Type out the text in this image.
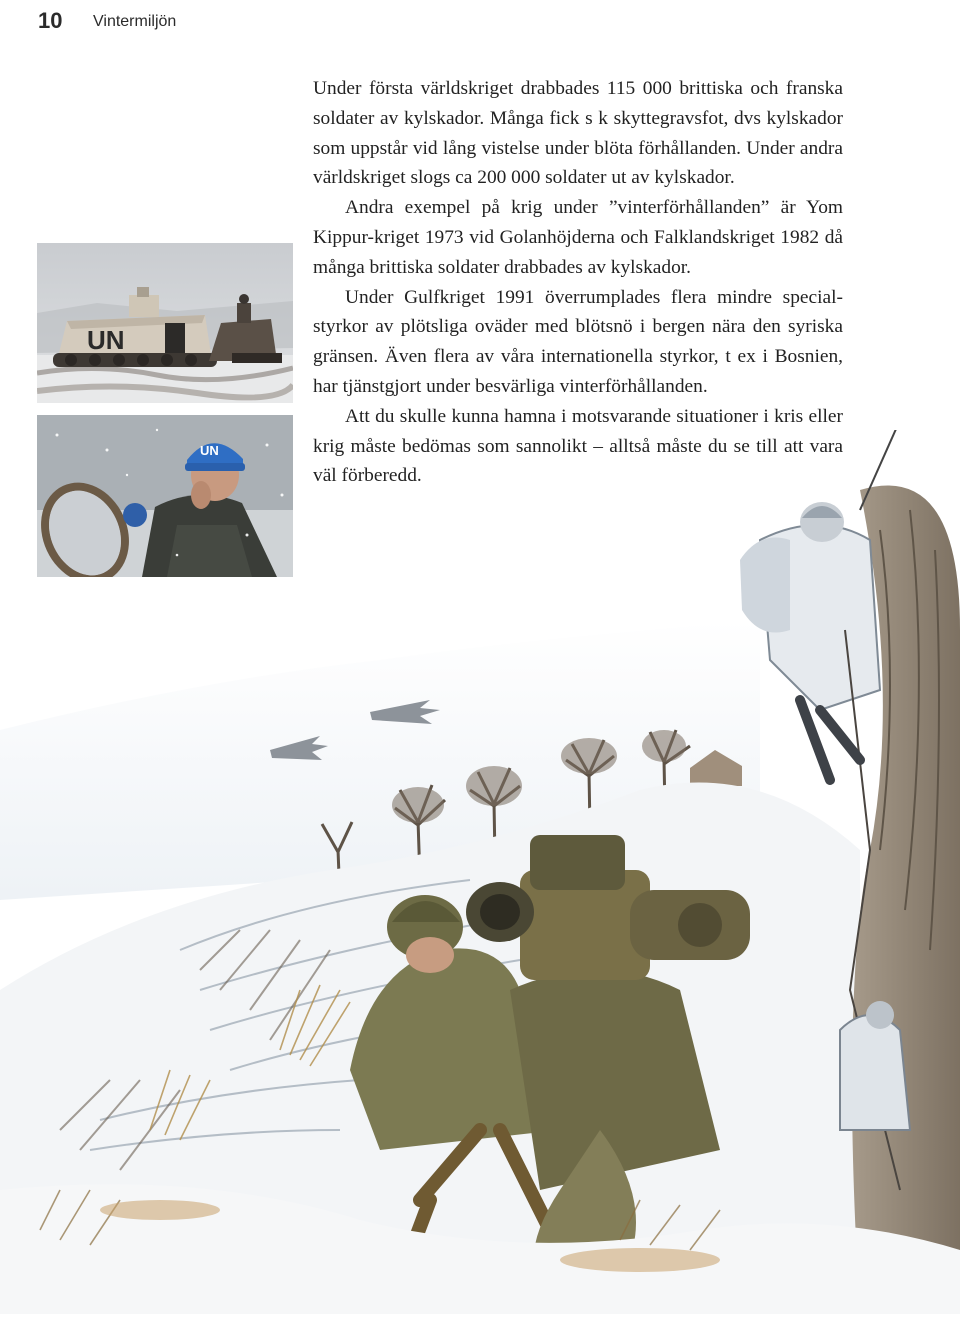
10 Vintermiljön
UN
UN

Under första världskriget drabbades 115 000 brittiska och franska soldater av kylskador. Många fick s k skyttegravsfot, dvs kylskador som uppstår vid lång vistelse under blöta förhållanden. Under andra världskriget slogs ca 200 000 soldater ut av kylskador.

Andra exempel på krig under ”vinterförhållanden” är Yom Kippur-kriget 1973 vid Golanhöjderna och Falklandskriget 1982 då många brittiska soldater drabbades av kylskador.

Under Gulfkriget 1991 överrumplades flera mindre specialstyrkor av plötsliga oväder med blötsnö i bergen nära den syriska gränsen. Även flera av våra internationella styrkor, t ex i Bosnien, har tjänstgjort under besvärliga vinterförhållanden.

Att du skulle kunna hamna i motsvarande situationer i kris eller krig måste bedömas som sannolikt – alltså måste du se till att vara väl förberedd.
